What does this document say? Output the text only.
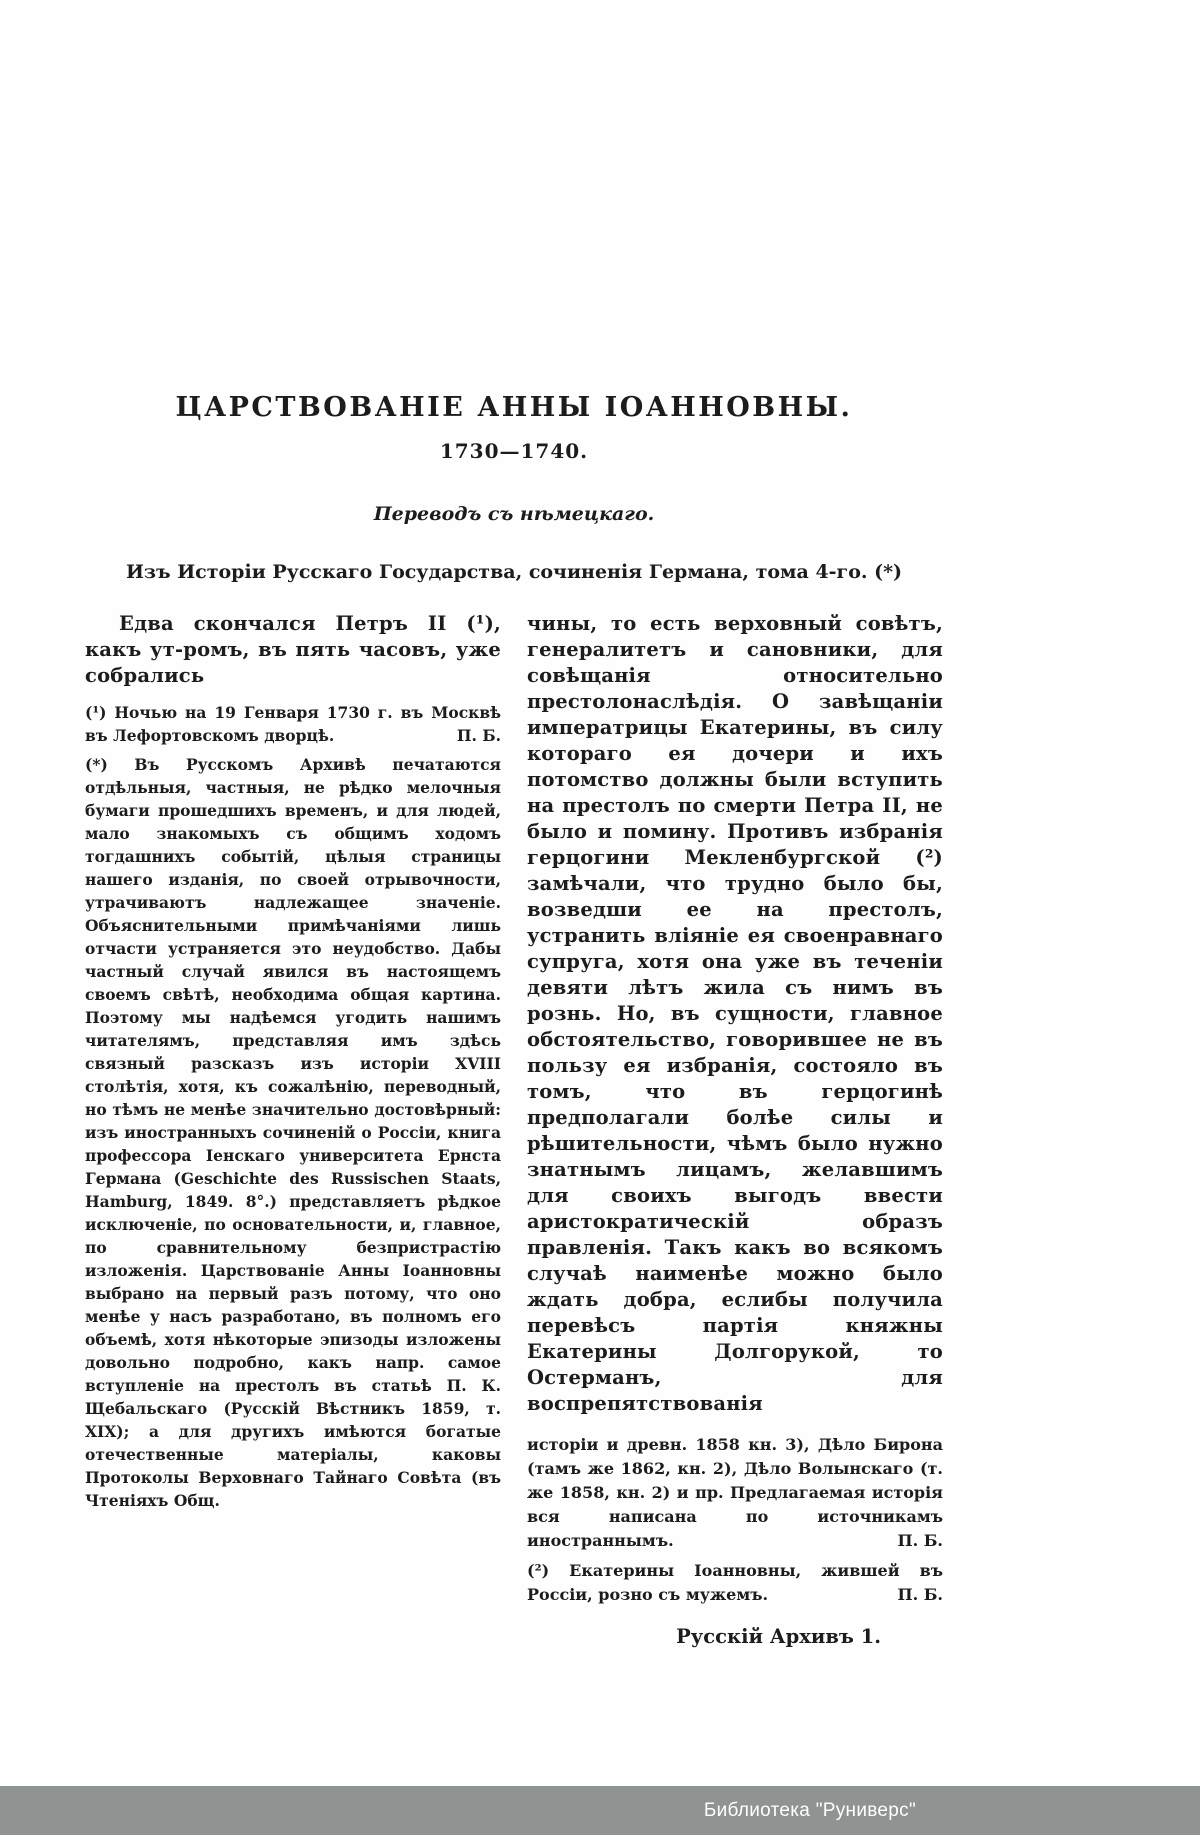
ЦАРСТВОВАНІЕ АННЫ ІОАННОВНЫ.
1730—1740.
Переводъ съ нѣмецкаго.
Изъ Исторіи Русскаго Государства, сочиненія Германа, тома 4-го. (*)

Едва скончался Петръ II (¹), какъ ут-ромъ, въ пять часовъ, уже собрались

(¹) Ночью на 19 Генваря 1730 г. въ Москвѣ въ Лефортовскомъ дворцѣ.	П. Б.

(*) Въ Русскомъ Архивѣ печатаются отдѣльныя, частныя, не рѣдко мелочныя бумаги прошедшихъ временъ, и для людей, мало знакомыхъ съ общимъ ходомъ тогдашнихъ событій, цѣлыя страницы нашего изданія, по своей отрывочности, утрачиваютъ надлежащее значеніе. Объяснительными примѣчаніями лишь отчасти устраняется это неудобство. Дабы частный случай явился въ настоящемъ своемъ свѣтѣ, необходима общая картина. Поэтому мы надѣемся угодить нашимъ читателямъ, представляя имъ здѣсь связный разсказъ изъ исторіи XVIII столѣтія, хотя, къ сожалѣнію, переводный, но тѣмъ не менѣе значительно достовѣрный: изъ иностранныхъ сочиненій о Россіи, книга профессора Іенскаго университета Ернста Германа (Geschichte des Russischen Staats, Hamburg, 1849. 8°.) представляетъ рѣдкое исключеніе, по основательности, и, главное, по сравнительному безпристрастію изложенія. Царствованіе Анны Іоанновны выбрано на первый разъ потому, что оно менѣе у насъ разработано, въ полномъ его объемѣ, хотя нѣкоторые эпизоды изложены довольно подробно, какъ напр. самое вступленіе на престолъ въ статьѣ П. К. Щебальскаго (Русскій Вѣстникъ 1859, т. XIX); а для другихъ имѣются богатые отечественные матеріалы, каковы Протоколы Верховнаго Тайнаго Совѣта (въ Чтеніяхъ Общ.

чины, то есть верховный совѣтъ, генералитетъ и сановники, для совѣщанія относительно престолонаслѣдія. О завѣщаніи императрицы Екатерины, въ силу котораго ея дочери и ихъ потомство должны были вступить на престолъ по смерти Петра II, не было и помину. Противъ избранія герцогини Мекленбургской (²) замѣчали, что трудно было бы, возведши ее на престолъ, устранить вліяніе ея своенравнаго супруга, хотя она уже въ теченіи девяти лѣтъ жила съ нимъ въ рознь. Но, въ сущности, главное обстоятельство, говорившее не въ пользу ея избранія, состояло въ томъ, что въ герцогинѣ предполагали болѣе силы и рѣшительности, чѣмъ было нужно знатнымъ лицамъ, желавшимъ для своихъ выгодъ ввести аристократическій образъ правленія. Такъ какъ во всякомъ случаѣ наименѣе можно было ждать добра, еслибы получила перевѣсъ партія княжны Екатерины Долгорукой, то Остерманъ, для воспрепятствованія

исторіи и древн. 1858 кн. 3), Дѣло Бирона (тамъ же 1862, кн. 2), Дѣло Волынскаго (т. же 1858, кн. 2) и пр. Предлагаемая исторія вся написана по источникамъ иностраннымъ.	П. Б.

(²) Екатерины Іоанновны, жившей въ Россіи, розно съ мужемъ.	П. Б.

Русскій Архивъ 1.
Библиотека "Руниверс"
